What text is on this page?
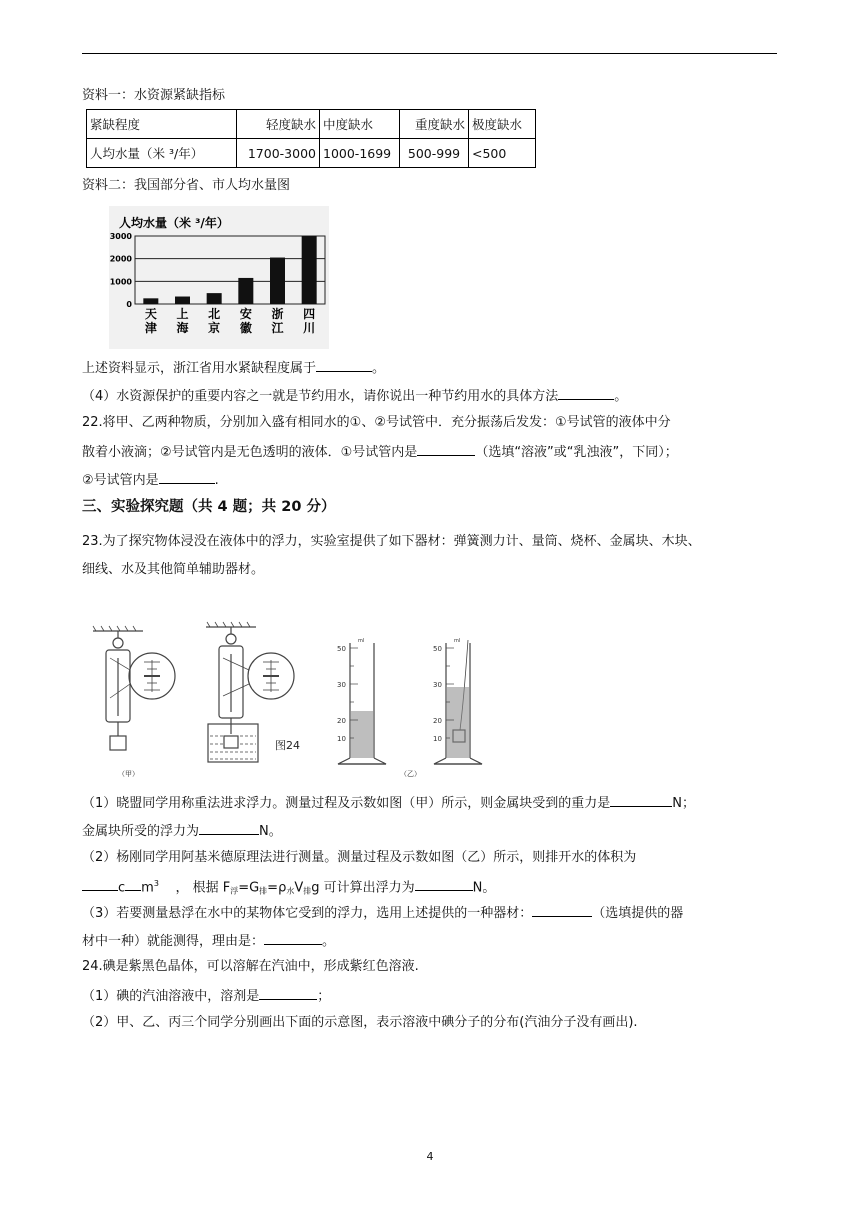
资料一：水资源紧缺指标
紧缺程度	轻度缺水	中度缺水	重度缺水	极度缺水
人均水量（米 ³/年）	1700-3000	1000-1699	500-999	<500
资料二：我国部分省、市人均水量图
人均水量（米 ³/年）
3000
2000
1000
0
天
津
上
海
北
京
安
徽
浙
江
四
川
上述资料显示，浙江省用水紧缺程度属于	。
（4）水资源保护的重要内容之一就是节约用水，请你说出一种节约用水的具体方法	。
22.将甲、乙两种物质，分别加入盛有相同水的①、②号试管中．充分振荡后发发：①号试管的液体中分
散着小液滴；②号试管内是无色透明的液体．①号试管内是	（选填“溶液”或“乳浊液”，下同）；
②号试管内是	.
三、实验探究题（共 4 题；共 20 分）
23.为了探究物体浸没在液体中的浮力，实验室提供了如下器材：弹簧测力计、量筒、烧杯、金属块、木块、
细线、水及其他简单辅助器材。
50
30
20
10
50
30
20
10
ml	ml
图24
（甲）	（乙）
（1）晓盟同学用称重法进求浮力。测量过程及示数如图（甲）所示，则金属块受到的重力是	N；
金属块所受的浮力为	N。
（2）杨刚同学用阿基米德原理法进行测量。测量过程及示数如图（乙）所示，则排开水的体积为
c $m^3$ ， 根据 $F_浮=G_排=\rho_水V_排g$ 可计算出浮力为	N。
（3）若要测量悬浮在水中的某物体它受到的浮力，选用上述提供的一种器材：	（选填提供的器
材中一种）就能测得，理由是：	。
24.碘是紫黑色晶体，可以溶解在汽油中，形成紫红色溶液.
（1）碘的汽油溶液中，溶剂是	；
（2）甲、乙、丙三个同学分别画出下面的示意图，表示溶液中碘分子的分布(汽油分子没有画出).
4
